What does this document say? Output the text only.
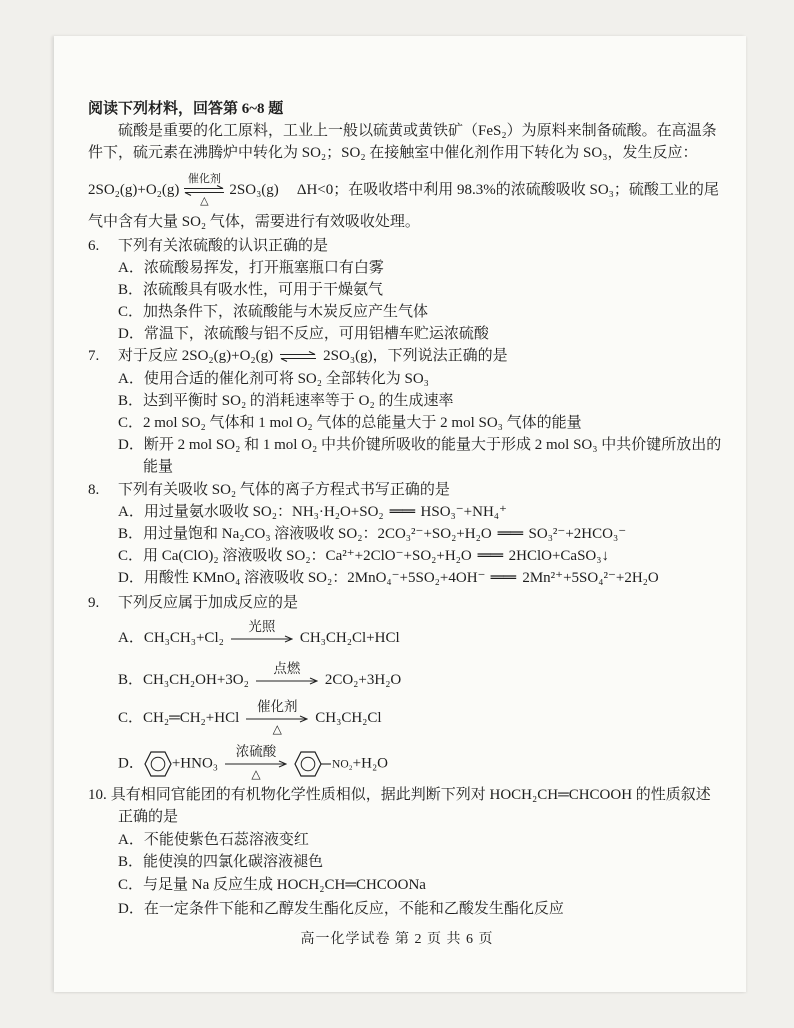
阅读下列材料，回答第 6~8 题
硫酸是重要的化工原料，工业上一般以硫黄或黄铁矿（FeS₂）为原料来制备硫酸。在高温条
件下，硫元素在沸腾炉中转化为 SO₂；SO₂ 在接触室中催化剂作用下转化为 SO₃，发生反应：
2SO₂(g)+O₂(g)
催化剂
△
2SO₃(g) ΔH<0；在吸收塔中利用 98.3%的浓硫酸吸收 SO₃；硫酸工业的尾
气中含有大量 SO₂ 气体，需要进行有效吸收处理。
6. 下列有关浓硫酸的认识正确的是
A．浓硫酸易挥发，打开瓶塞瓶口有白雾
B．浓硫酸具有吸水性，可用于干燥氨气
C．加热条件下，浓硫酸能与木炭反应产生气体
D．常温下，浓硫酸与铝不反应，可用铝槽车贮运浓硫酸
7. 对于反应 2SO₂(g)+O₂(g) ⇌ 2SO₃(g)，下列说法正确的是
A．使用合适的催化剂可将 SO₂ 全部转化为 SO₃
B．达到平衡时 SO₂ 的消耗速率等于 O₂ 的生成速率
C．2 mol SO₂ 气体和 1 mol O₂ 气体的总能量大于 2 mol SO₃ 气体的能量
D．断开 2 mol SO₂ 和 1 mol O₂ 中共价键所吸收的能量大于形成 2 mol SO₃ 中共价键所放出的
能量
8. 下列有关吸收 SO₂ 气体的离子方程式书写正确的是
A．用过量氨水吸收 SO₂：NH₃·H₂O+SO₂ ══ HSO₃⁻+NH₄⁺
B．用过量饱和 Na₂CO₃ 溶液吸收 SO₂：2CO₃²⁻+SO₂+H₂O ══ SO₃²⁻+2HCO₃⁻
C．用 Ca(ClO)₂ 溶液吸收 SO₂：Ca²⁺+2ClO⁻+SO₂+H₂O ══ 2HClO+CaSO₃↓
D．用酸性 KMnO₄ 溶液吸收 SO₂：2MnO₄⁻+5SO₂+4OH⁻ ══ 2Mn²⁺+5SO₄²⁻+2H₂O
9. 下列反应属于加成反应的是
A．CH₃CH₃+Cl₂
光照
CH₃CH₂Cl+HCl
B．CH₃CH₂OH+3O₂
点燃
2CO₂+3H₂O
C．CH₂═CH₂+HCl
催化剂
△
CH₃CH₂Cl
D． +HNO₃
浓硫酸
△
NO₂+H₂O
10. 具有相同官能团的有机物化学性质相似，据此判断下列对 HOCH₂CH═CHCOOH 的性质叙述
正确的是
A．不能使紫色石蕊溶液变红
B．能使溴的四氯化碳溶液褪色
C．与足量 Na 反应生成 HOCH₂CH═CHCOONa
D．在一定条件下能和乙醇发生酯化反应，不能和乙酸发生酯化反应
高一化学试卷 第 2 页 共 6 页
